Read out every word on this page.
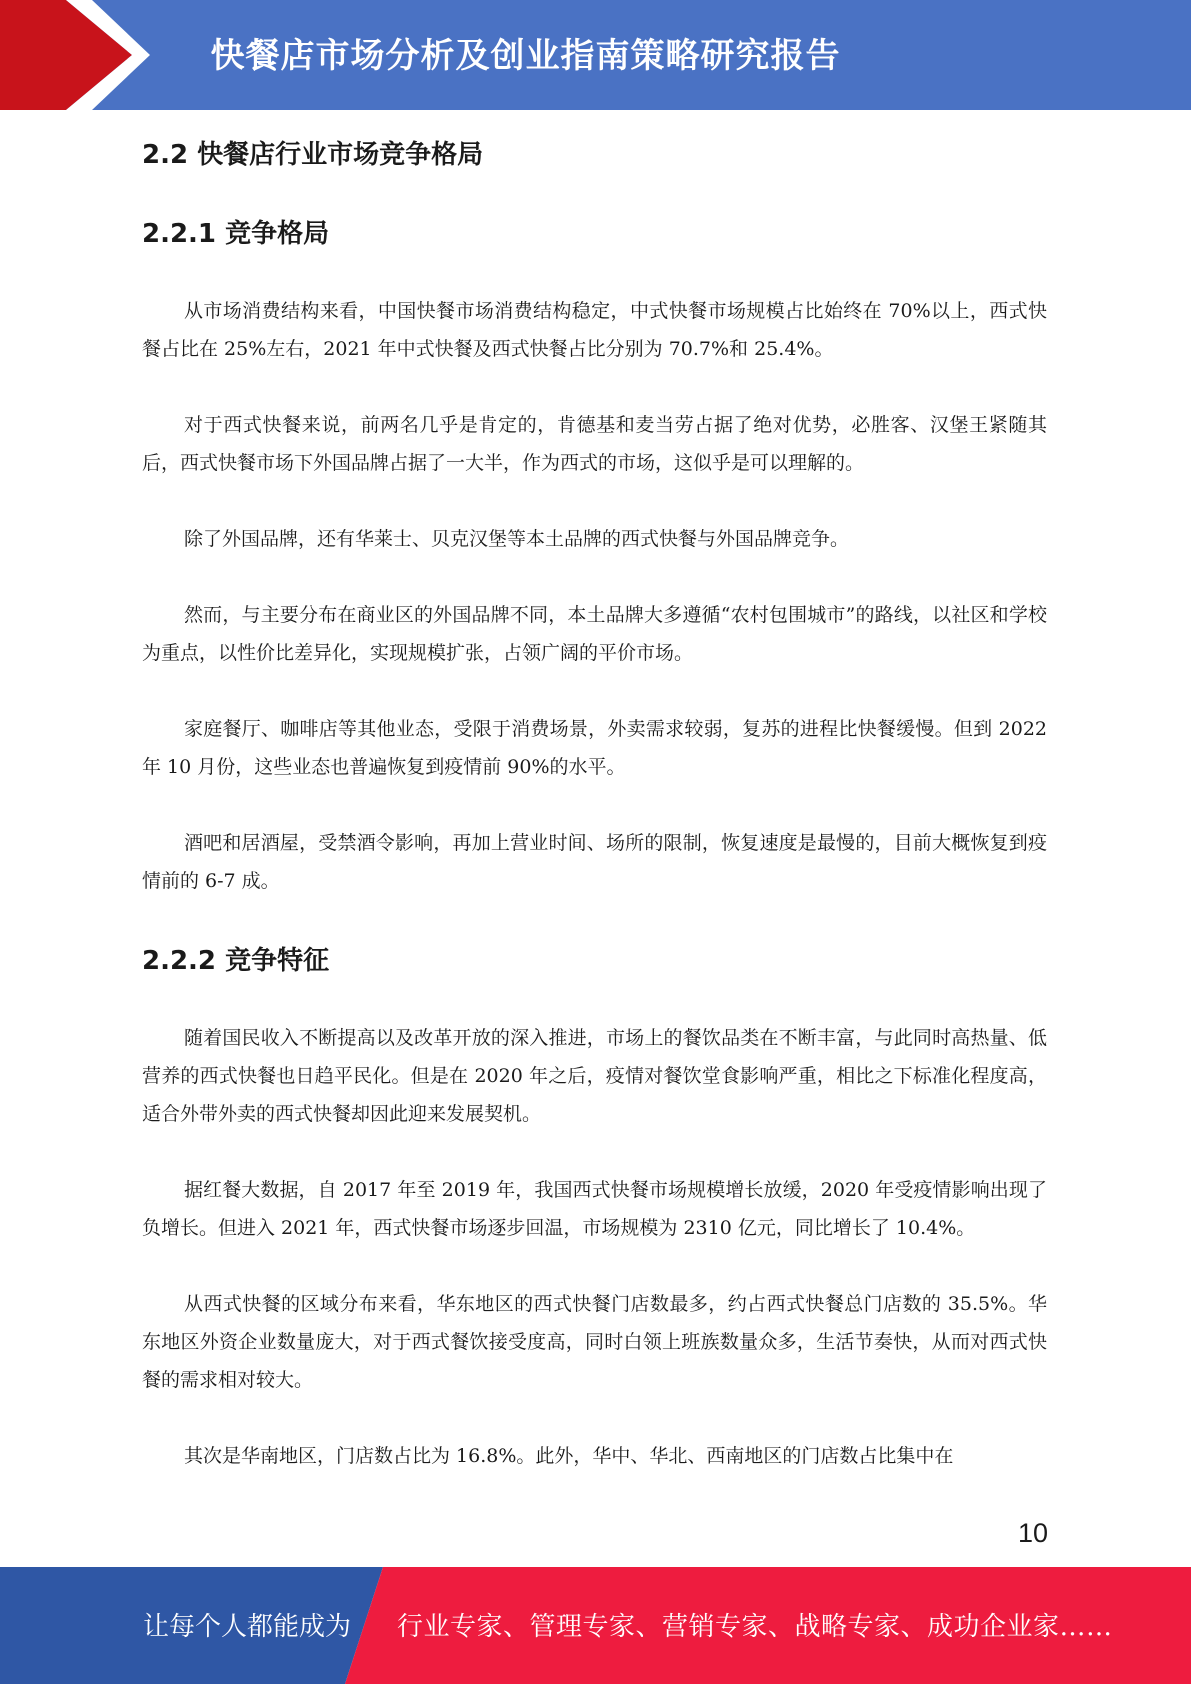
快餐店市场分析及创业指南策略研究报告
2.2 快餐店行业市场竞争格局
2.2.1 竞争格局

从市场消费结构来看，中国快餐市场消费结构稳定，中式快餐市场规模占比始终在 70%以上，西式快餐占比在 25%左右，2021 年中式快餐及西式快餐占比分别为 70.7%和 25.4%。

对于西式快餐来说，前两名几乎是肯定的，肯德基和麦当劳占据了绝对优势，必胜客、汉堡王紧随其后，西式快餐市场下外国品牌占据了一大半，作为西式的市场，这似乎是可以理解的。

除了外国品牌，还有华莱士、贝克汉堡等本土品牌的西式快餐与外国品牌竞争。

然而，与主要分布在商业区的外国品牌不同，本土品牌大多遵循“农村包围城市”的路线，以社区和学校为重点，以性价比差异化，实现规模扩张，占领广阔的平价市场。

家庭餐厅、咖啡店等其他业态，受限于消费场景，外卖需求较弱，复苏的进程比快餐缓慢。但到 2022 年 10 月份，这些业态也普遍恢复到疫情前 90%的水平。

酒吧和居酒屋，受禁酒令影响，再加上营业时间、场所的限制，恢复速度是最慢的，目前大概恢复到疫情前的 6-7 成。

2.2.2 竞争特征

随着国民收入不断提高以及改革开放的深入推进，市场上的餐饮品类在不断丰富，与此同时高热量、低营养的西式快餐也日趋平民化。但是在 2020 年之后，疫情对餐饮堂食影响严重，相比之下标准化程度高，适合外带外卖的西式快餐却因此迎来发展契机。

据红餐大数据，自 2017 年至 2019 年，我国西式快餐市场规模增长放缓，2020 年受疫情影响出现了负增长。但进入 2021 年，西式快餐市场逐步回温，市场规模为 2310 亿元，同比增长了 10.4%。

从西式快餐的区域分布来看，华东地区的西式快餐门店数最多，约占西式快餐总门店数的 35.5%。华东地区外资企业数量庞大，对于西式餐饮接受度高，同时白领上班族数量众多，生活节奏快，从而对西式快餐的需求相对较大。

其次是华南地区，门店数占比为 16.8%。此外，华中、华北、西南地区的门店数占比集中在

10
让每个人都能成为 行业专家、管理专家、营销专家、战略专家、成功企业家……
